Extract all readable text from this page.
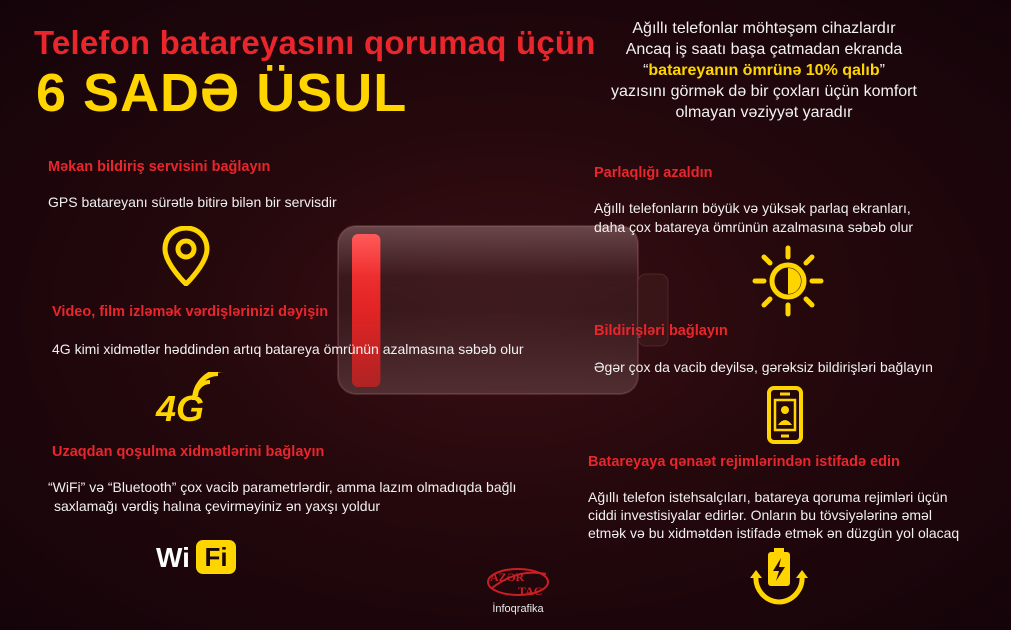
Telefon batareyasını qorumaq üçün
6 SADƏ ÜSUL
Ağıllı telefonlar möhtəşəm cihazlardır
Ancaq iş saatı başa çatmadan ekranda
“batareyanın ömrünə 10% qalıb”
yazısını görmək də bir çoxları üçün komfort
olmayan vəziyyət yaradır
Məkan bildiriş servisini bağlayın
GPS batareyanı sürətlə bitirə bilən bir servisdir
Video, film izləmək vərdişlərinizi dəyişin
4G kimi xidmətlər həddindən artıq batareya ömrünün azalmasına səbəb olur
4G
Uzaqdan qoşulma xidmətlərini bağlayın
“WiFi” və “Bluetooth” çox vacib parametrlərdir, amma lazım olmadıqda bağlı
saxlamağı vərdiş halına çevirməyiniz ən yaxşı yoldur
Wi Fi
Parlaqlığı azaldın
Ağıllı telefonların böyük və yüksək parlaq ekranları,
daha çox batareya ömrünün azalmasına səbəb olur
Bildirişləri bağlayın
Əgər çox da vacib deyilsə, gərəksiz bildirişləri bağlayın
Batareyaya qənaət rejimlərindən istifadə edin
Ağıllı telefon istehsalçıları, batareya qoruma rejimləri üçün
ciddi investisiyalar edirlər. Onların bu tövsiyələrinə əməl
etmək və bu xidmətdən istifadə etmək ən düzgün yol olacaq
AZƏR
TAC
İnfoqrafika
